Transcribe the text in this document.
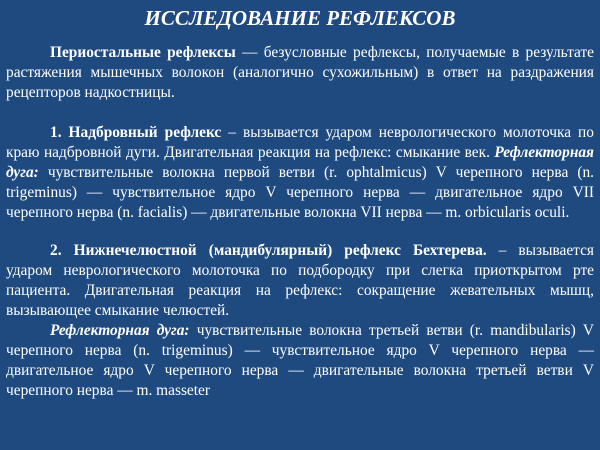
ИССЛЕДОВАНИЕ РЕФЛЕКСОВ

Периостальные рефлексы — безусловные рефлексы, получаемые в результате растяжения мышечных волокон (аналогично сухожильным) в ответ на раздражения рецепторов надкостницы.

1. Надбровный рефлекс – вызывается ударом неврологического молоточка по краю надбровной дуги. Двигательная реакция на рефлекс: смыкание век. Рефлекторная дуга: чувствительные волокна первой ветви (r. ophtalmicus) V черепного нерва (n. trigeminus) — чувствительное ядро V черепного нерва — двигательное ядро VII черепного нерва (n. facialis) — двигательные волокна VII нерва — m. orbicularis oculi.

2. Нижнечелюстной (мандибулярный) рефлекс Бехтерева. – вызывается ударом неврологического молоточка по подбородку при слегка приоткрытом рте пациента. Двигательная реакция на рефлекс: сокращение жевательных мышц, вызывающее смыкание челюстей.

Рефлекторная дуга: чувствительные волокна третьей ветви (r. mandibularis) V черепного нерва (n. trigeminus) — чувствительное ядро V черепного нерва — двигательное ядро V черепного нерва — двигательные волокна третьей ветви V черепного нерва — m. masseter
